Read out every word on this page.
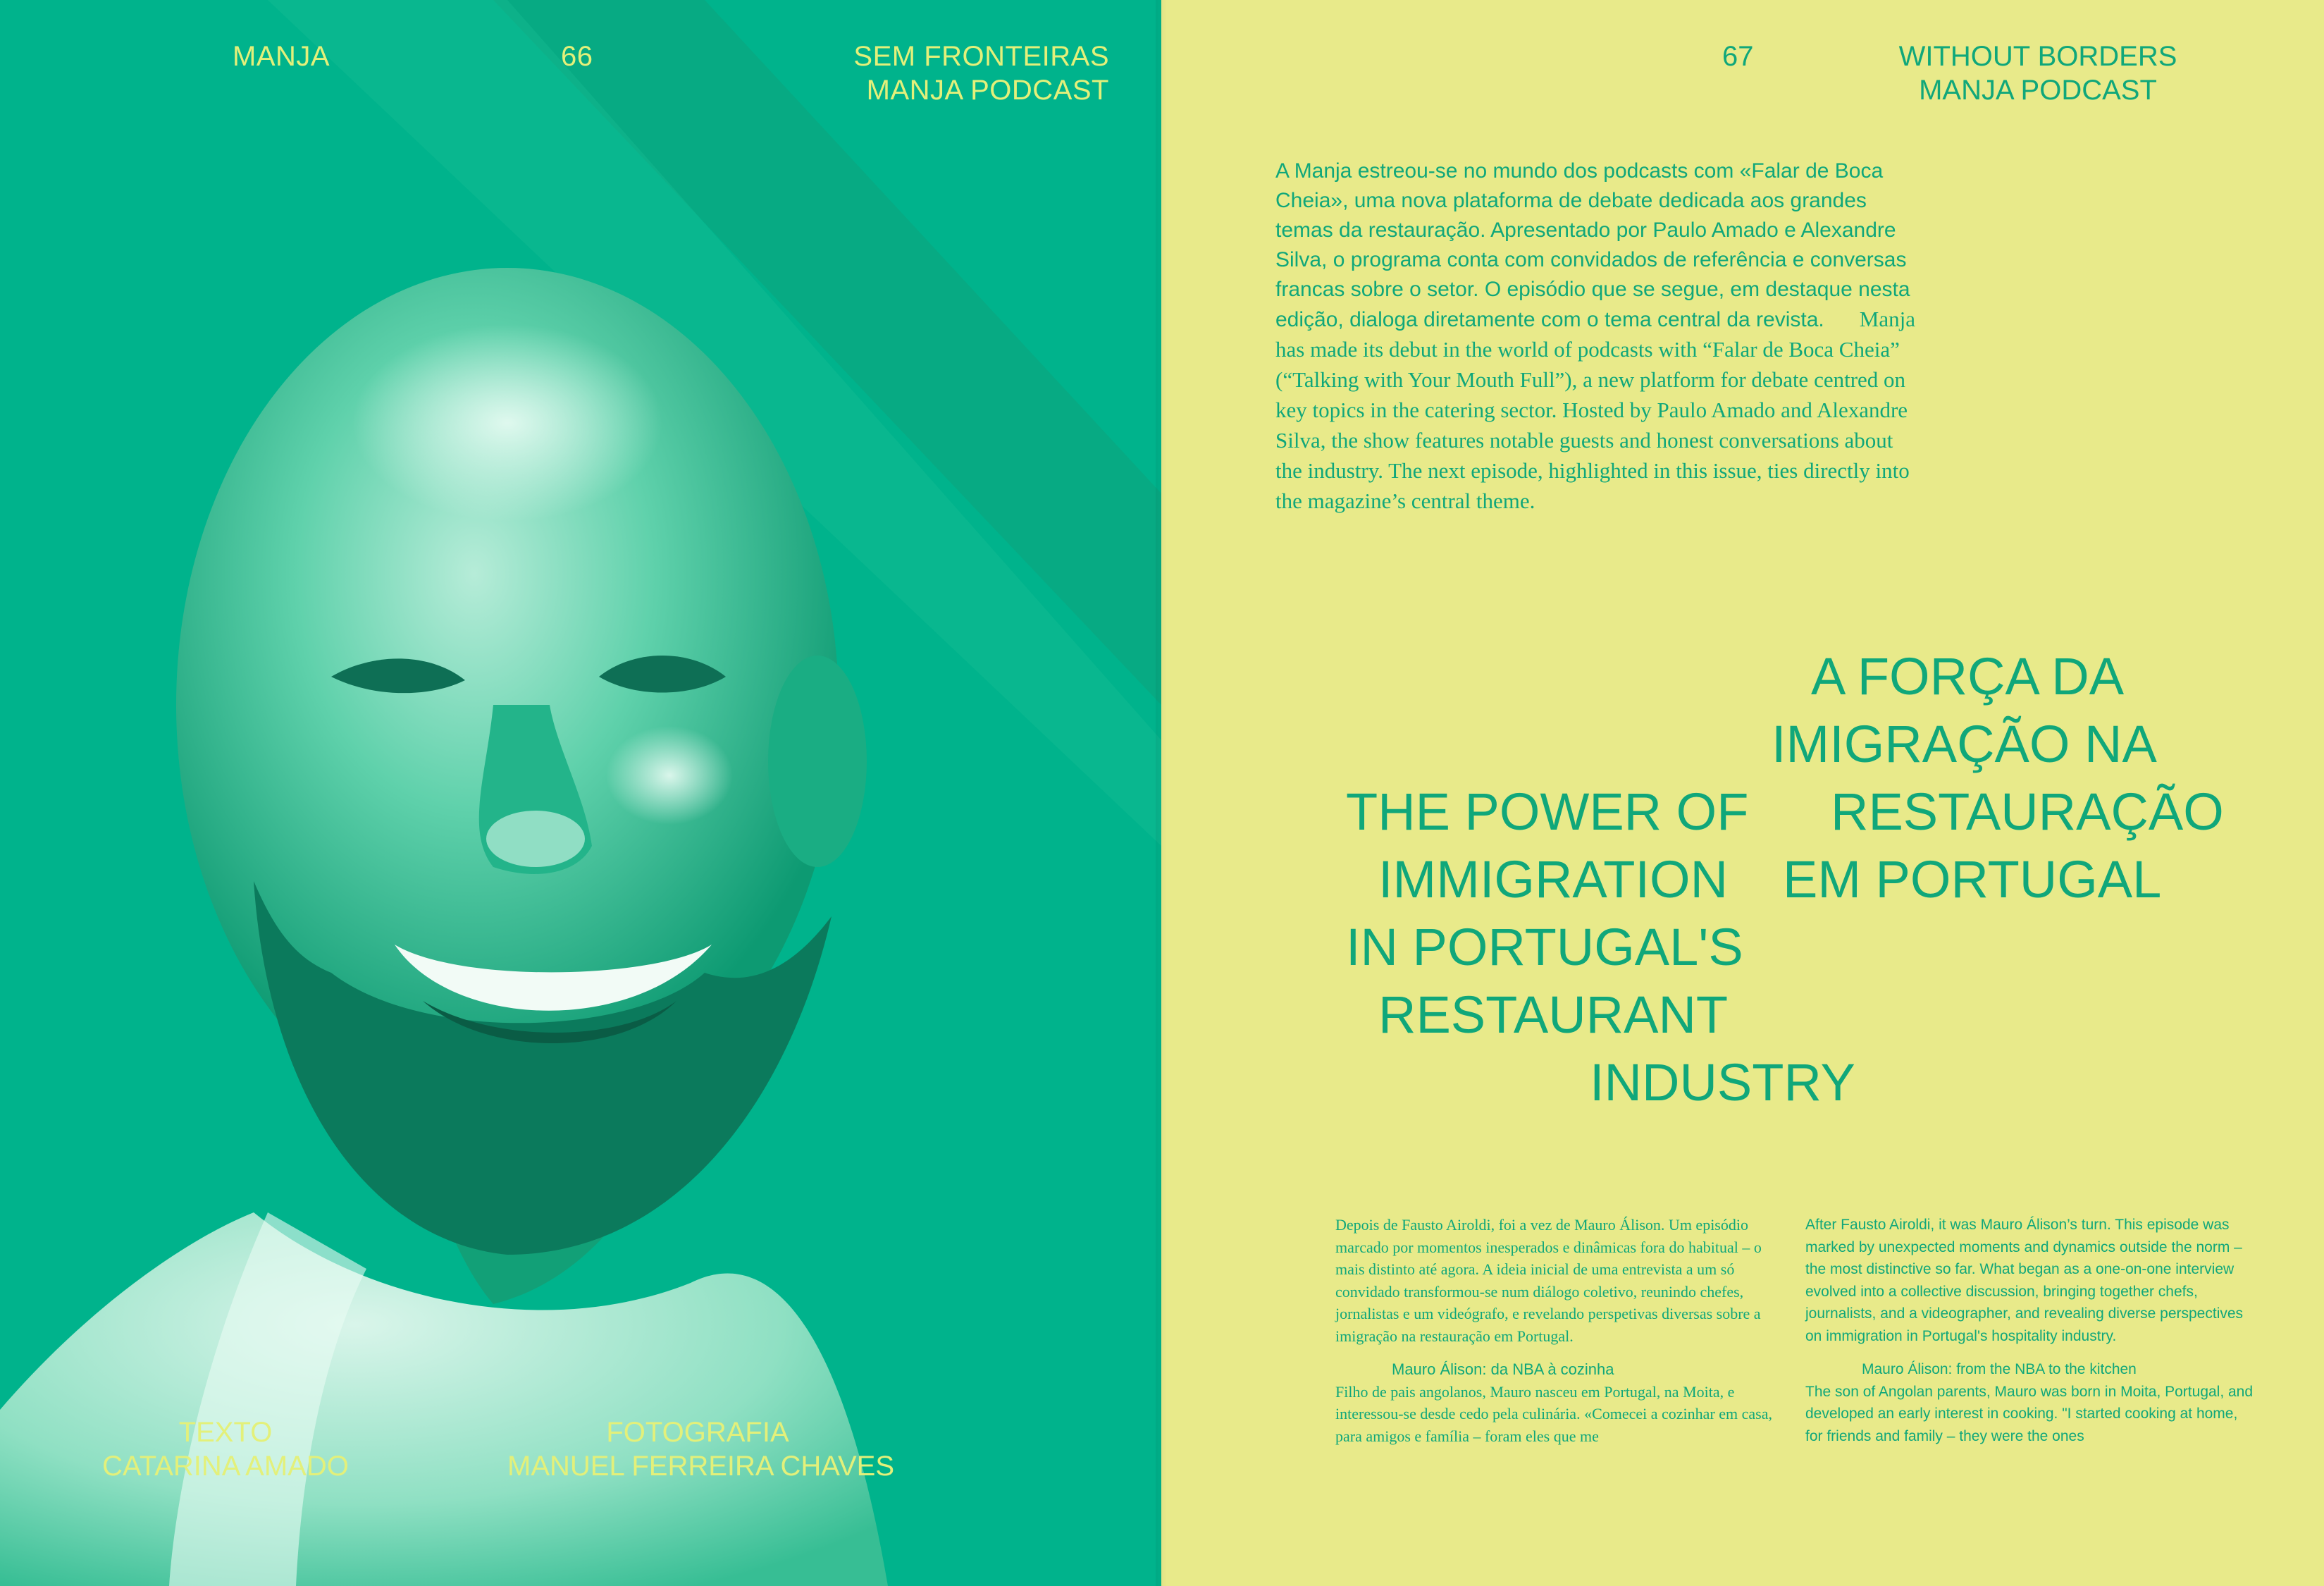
MANJA	66	SEM FRONTEIRAS
MANJA PODCAST
TEXTO
CATARINA AMADO
FOTOGRAFIA
MANUEL FERREIRA CHAVES
67	WITHOUT BORDERS
MANJA PODCAST
A Manja estreou-se no mundo dos podcasts com «Falar de Boca Cheia», uma nova plataforma de debate dedicada aos grandes temas da restauração. Apresentado por Paulo Amado e Alexandre Silva, o programa conta com convidados de referência e conversas francas sobre o setor. O episódio que se segue, em destaque nesta edição, dialoga diretamente com o tema central da revista. Manja has made its debut in the world of podcasts with “Falar de Boca Cheia” (“Talking with Your Mouth Full”), a new platform for debate centred on key topics in the catering sector. Hosted by Paulo Amado and Alexandre Silva, the show features notable guests and honest conversations about the industry. The next episode, highlighted in this issue, ties directly into the magazine’s central theme.
A FORÇA DA
IMIGRAÇÃO NA
RESTAURAÇÃO
EM PORTUGAL
THE POWER OF
IMMIGRATION
IN PORTUGAL'S
RESTAURANT
INDUSTRY
Depois de Fausto Airoldi, foi a vez de Mauro Álison. Um episódio marcado por momentos inesperados e dinâmicas fora do habitual – o mais distinto até agora. A ideia inicial de uma entrevista a um só convidado transformou-se num diálogo coletivo, reunindo chefes, jornalistas e um videógrafo, e revelando perspetivas diversas sobre a imigração na restauração em Portugal.
Mauro Álison: da NBA à cozinha
Filho de pais angolanos, Mauro nasceu em Portugal, na Moita, e interessou-se desde cedo pela culinária. «Comecei a cozinhar em casa, para amigos e família – foram eles que me
After Fausto Airoldi, it was Mauro Álison’s turn. This episode was marked by unexpected moments and dynamics outside the norm – the most distinctive so far. What began as a one-on-one interview evolved into a collective discussion, bringing together chefs, journalists, and a videographer, and revealing diverse perspectives on immigration in Portugal's hospitality industry.
Mauro Álison: from the NBA to the kitchen
The son of Angolan parents, Mauro was born in Moita, Portugal, and developed an early interest in cooking. "I started cooking at home, for friends and family – they were the ones
